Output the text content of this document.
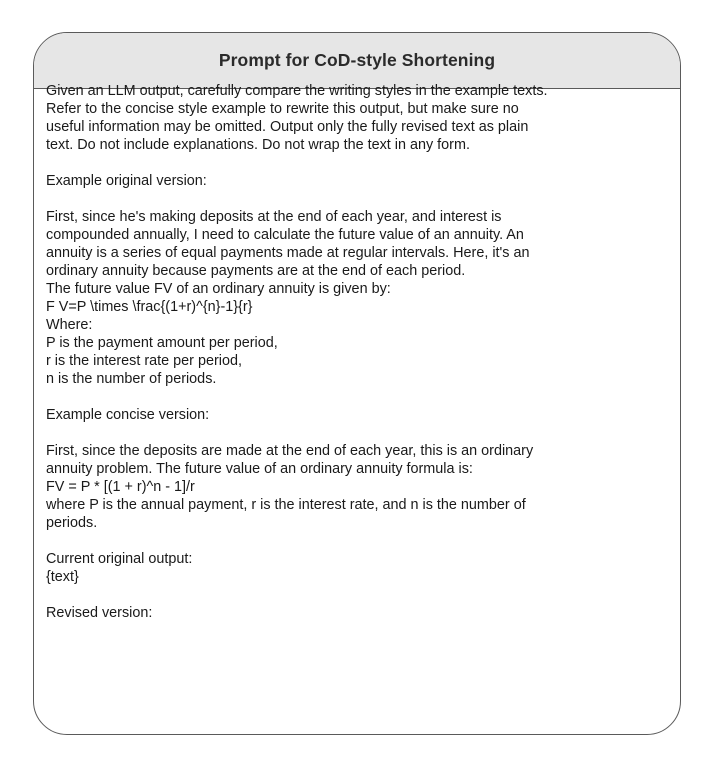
Prompt for CoD-style Shortening
Given an LLM output, carefully compare the writing styles in the example texts.
Refer to the concise style example to rewrite this output, but make sure no
useful information may be omitted. Output only the fully revised text as plain
text. Do not include explanations. Do not wrap the text in any form.
Example original version:
First, since he's making deposits at the end of each year, and interest is
compounded annually, I need to calculate the future value of an annuity. An
annuity is a series of equal payments made at regular intervals. Here, it's an
ordinary annuity because payments are at the end of each period.
The future value FV of an ordinary annuity is given by:
F V=P \times \frac{(1+r)^{n}-1}{r}
Where:
P is the payment amount per period,
r is the interest rate per period,
n is the number of periods.
Example concise version:
First, since the deposits are made at the end of each year, this is an ordinary
annuity problem. The future value of an ordinary annuity formula is:
FV = P * [(1 + r)^n - 1]/r
where P is the annual payment, r is the interest rate, and n is the number of
periods.
Current original output:
{text}
Revised version:
